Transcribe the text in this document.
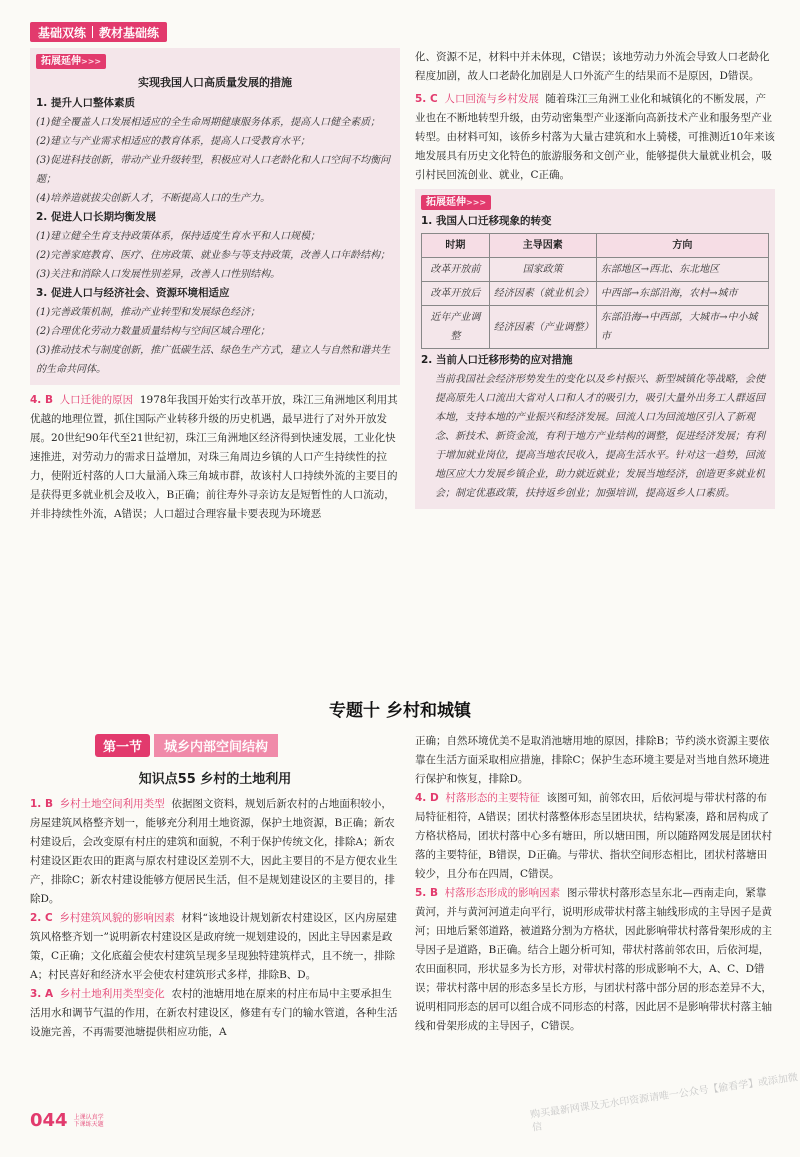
基础双练 教材基础练
拓展延伸>>>
实现我国人口高质量发展的措施
1. 提升人口整体素质

(1)健全覆盖人口发展相适应的全生命周期健康服务体系，提高人口健全素质；

(2)建立与产业需求相适应的教育体系，提高人口受教育水平；

(3)促进科技创新，带动产业升级转型，积极应对人口老龄化和人口空间不均衡问题；

(4)培养造就拔尖创新人才，不断提高人口的生产力。

2. 促进人口长期均衡发展

(1)建立健全生育支持政策体系，保持适度生育水平和人口规模；

(2)完善家庭教育、医疗、住房政策、就业参与等支持政策，改善人口年龄结构；

(3)关注和消除人口发展性别差异，改善人口性别结构。

3. 促进人口与经济社会、资源环境相适应

(1)完善政策机制，推动产业转型和发展绿色经济；

(2)合理优化劳动力数量质量结构与空间区域合理化；

(3)推动技术与制度创新，推广低碳生活、绿色生产方式，建立人与自然和谐共生的生命共同体。

4. B 人口迁徙的原因 1978年我国开始实行改革开放，珠江三角洲地区利用其优越的地理位置，抓住国际产业转移升级的历史机遇，最早进行了对外开放发展。20世纪90年代至21世纪初，珠江三角洲地区经济得到快速发展，工业化快速推进，对劳动力的需求日益增加，对珠三角周边乡镇的人口产生持续性的拉力，使附近村落的人口大量涌入珠三角城市群，故该村人口持续外流的主要目的是获得更多就业机会及收入，B正确；前往寿外寻亲访友是短暂性的人口流动，并非持续性外流，A错误；人口超过合理容量卡要表现为环境恶

化、资源不足，材料中并未体现，C错误；该地劳动力外流会导致人口老龄化程度加剧，故人口老龄化加剧是人口外流产生的结果而不是原因，D错误。

5. C 人口回流与乡村发展 随着珠江三角洲工业化和城镇化的不断发展，产业也在不断地转型升级，由劳动密集型产业逐渐向高新技术产业和服务型产业转型。由材料可知，该侨乡村落为大量古建筑和水上骑楼，可推测近10年来该地发展具有历史文化特色的旅游服务和文创产业，能够提供大量就业机会，吸引村民回流创业、就业，C正确。

拓展延伸>>>
1. 我国人口迁移现象的转变
时期	主导因素	方向
改革开放前	国家政策	东部地区→西北、东北地区
改革开放后	经济因素（就业机会）	中西部→东部沿海，农村→城市
近年产业调整	经济因素（产业调整）	东部沿海→中西部，大城市→中小城市
2. 当前人口迁移形势的应对措施

当前我国社会经济形势发生的变化以及乡村振兴、新型城镇化等战略，会使提高原先人口流出大省对人口和人才的吸引力，吸引大量外出务工人群返回本地，支持本地的产业振兴和经济发展。回流人口为回流地区引入了新观念、新技术、新资金流，有利于地方产业结构的调整，促进经济发展；有利于增加就业岗位，提高当地农民收入，提高生活水平。针对这一趋势，回流地区应大力发展乡镇企业，助力就近就业；发展当地经济，创造更多就业机会；制定优惠政策，扶持返乡创业；加强培训，提高返乡人口素质。

专题十 乡村和城镇
第一节	城乡内部空间结构
知识点55 乡村的土地利用

1. B 乡村土地空间利用类型 依据图文资料，规划后新农村的占地面积较小，房屋建筑风格整齐划一，能够充分利用土地资源，保护土地资源，B正确；新农村建设后，会改变原有村庄的建筑和面貌，不利于保护传统文化，排除A；新农村建设区距农田的距离与原农村建设区差别不大，因此主要目的不是方便农业生产，排除C；新农村建设能够方便居民生活，但不是规划建设区的主要目的，排除D。

2. C 乡村建筑风貌的影响因素 材料“该地设计规划新农村建设区，区内房屋建筑风格整齐划一”说明新农村建设区是政府统一规划建设的，因此主导因素是政策，C正确；文化底蕴会使农村建筑呈现多呈现独特建筑样式，且不统一，排除A；村民喜好和经济水平会使农村建筑形式多样，排除B、D。

3. A 乡村土地利用类型变化 农村的池塘用地在原来的村庄布局中主要承担生活用水和调节气温的作用，在新农村建设区，修建有专门的输水管道，各种生活设施完善，不再需要池塘提供相应功能，A

正确；自然环境优美不是取消池塘用地的原因，排除B；节约淡水资源主要依靠在生活方面采取相应措施，排除C；保护生态环境主要是对当地自然环境进行保护和恢复，排除D。

4. D 村落形态的主要特征 该图可知，前邻农田，后依河堤与带状村落的布局特征相符，A错误；团状村落整体形态呈团块状，结构紧凑，路和居构成了方格状格局，团状村落中心多有塘田，所以塘田围，所以随路网发展是团状村落的主要特征，B错误，D正确。与带状、指状空间形态相比，团状村落塘田较少，且分布在四周，C错误。

5. B 村落形态形成的影响因素 图示带状村落形态呈东北—西南走向，紧靠黄河，并与黄河河道走向平行，说明形成带状村落主轴线形成的主导因子是黄河；田地后紧邻道路，被道路分割为方格状，因此影响带状村落骨架形成的主导因子是道路，B正确。结合上题分析可知，带状村落前邻农田，后依河堤，农田面积同，形状显多为长方形，对带状村落的形成影响不大，A、C、D错误；带状村落中居的形态多呈长方形，与团状村落中部分居的形态差异不大，说明相同形态的居可以组合成不同形态的村落，因此居不是影响带状村落主轴线和骨架形成的主导因子，C错误。

044 上课认真学
下课练天题
购买最新网课及无水印资源请唯一公众号【偷看学】或添加微信
